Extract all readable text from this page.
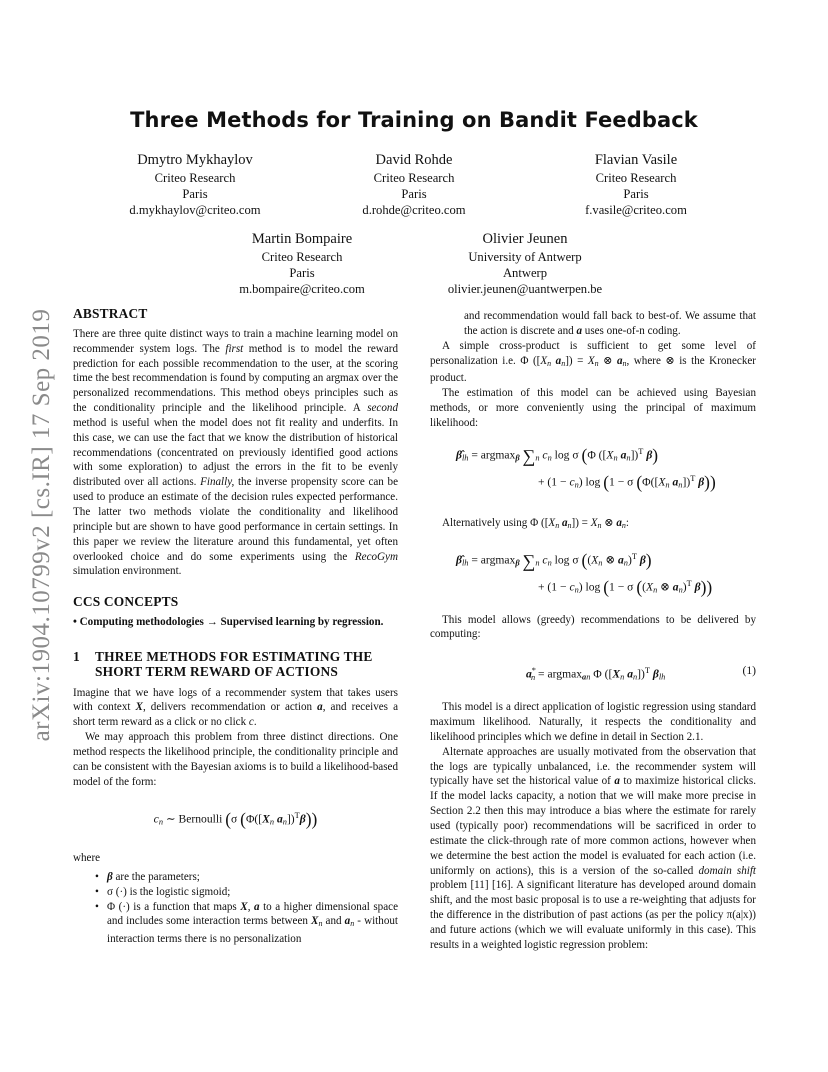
Three Methods for Training on Bandit Feedback
Dmytro Mykhaylov
Criteo Research
Paris
d.mykhaylov@criteo.com
David Rohde
Criteo Research
Paris
d.rohde@criteo.com
Flavian Vasile
Criteo Research
Paris
f.vasile@criteo.com
Martin Bompaire
Criteo Research
Paris
m.bompaire@criteo.com
Olivier Jeunen
University of Antwerp
Antwerp
olivier.jeunen@uantwerpen.be
arXiv:1904.10799v2 [cs.IR] 17 Sep 2019 ABSTRACT

There are three quite distinct ways to train a machine learning model on recommender system logs. The first method is to model the reward prediction for each possible recommendation to the user, at the scoring time the best recommendation is found by computing an argmax over the personalized recommendations. This method obeys principles such as the conditionality principle and the likelihood principle. A second method is useful when the model does not fit reality and underfits. In this case, we can use the fact that we know the distribution of historical recommendations (concentrated on previously identified good actions with some exploration) to adjust the errors in the fit to be evenly distributed over all actions. Finally, the inverse propensity score can be used to produce an estimate of the decision rules expected performance. The latter two methods violate the conditionality and likelihood principle but are shown to have good performance in certain settings. In this paper we review the literature around this fundamental, yet often overlooked choice and do some experiments using the RecoGym simulation environment.

CCS CONCEPTS

• Computing methodologies → Supervised learning by regression.

1 THREE METHODS FOR ESTIMATING THE
SHORT TERM REWARD OF ACTIONS

Imagine that we have logs of a recommender system that takes users with context X, delivers recommendation or action a, and receives a short term reward as a click or no click c.

We may approach this problem from three distinct directions. One method respects the likelihood principle, the conditionality principle and can be consistent with the Bayesian axioms is to build a likelihood-based model of the form:

$c_n$ ∼ Bernoulli (σ ($\Phi([X_n$ $a_n])^T\beta$))

where

• β are the parameters;

• σ (·) is the logistic sigmoid;

• Φ (·) is a function that maps X, a to a higher dimensional space and includes some interaction terms between $X_n$ and $a_n$ - without interaction terms there is no personalization

and recommendation would fall back to best-of. We assume that the action is discrete and a uses one-of-n coding.

A simple cross-product is sufficient to get some level of personalization i.e. Φ ([$X_n$ $a_n]) = X_n$ ⊗ $a_n$, where ⊗ is the Kronecker product.

The estimation of this model can be achieved using Bayesian methods, or more conveniently using the principal of maximum likelihood:

$\betâ_{lh} = argmax_\beta$ $\sum_n$ $c_n$ log σ (Φ ([$X_n$ $a_n])^T$ β)
+ $(1 - c_n)$ log (1 − σ ($\Phi([X_n$ $a_n])^T$ β))

Alternatively using Φ ([$X_n$ $a_n]) = X_n$ ⊗ $a_n$:

$\betâ_{lh} = argmax_\beta$ $\sum_n$ $c_n$ log σ (($X_n$ ⊗ $a_n)^T$ β)
+ $(1 - c_n)$ log (1 − σ (($X_n$ ⊗ $a_n)^T$ β))

This model allows (greedy) recommendations to be delivered by computing:

$a^*_n = argmax_{an}$ Φ ([$X_n$ $a_n])^T$ $\beta_{lh}$
(1)

This model is a direct application of logistic regression using standard maximum likelihood. Naturally, it respects the conditionality and likelihood principles which we define in detail in Section 2.1.

Alternate approaches are usually motivated from the observation that the logs are typically unbalanced, i.e. the recommender system will typically have set the historical value of a to maximize historical clicks. If the model lacks capacity, a notion that we will make more precise in Section 2.2 then this may introduce a bias where the estimate for rarely used (typically poor) recommendations will be sacrificed in order to estimate the click-through rate of more common actions, however when we determine the best action the model is evaluated for each action (i.e. uniformly on actions), this is a version of the so-called domain shift problem [11] [16]. A significant literature has developed around domain shift, and the most basic proposal is to use a re-weighting that adjusts for the difference in the distribution of past actions (as per the policy π(a|x)) and future actions (which we will evaluate uniformly in this case). This results in a weighted logistic regression problem:
